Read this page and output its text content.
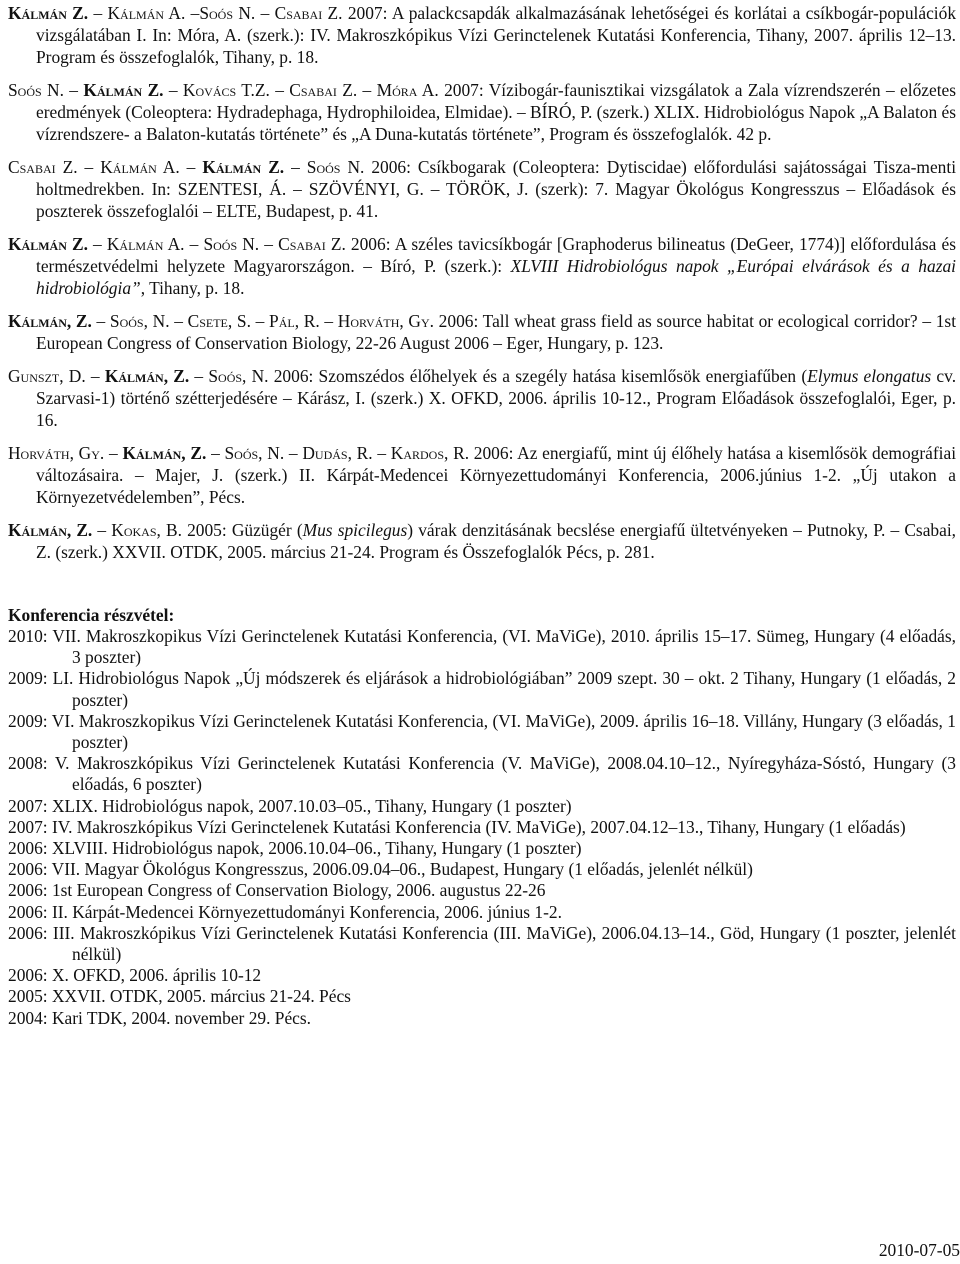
Kálmán Z. – Kálmán A. –Soós N. – Csabai Z. 2007: A palackcsapdák alkalmazásának lehetőségei és korlátai a csíkbogár-populációk vizsgálatában I. In: Móra, A. (szerk.): IV. Makroszkópikus Vízi Gerinctelenek Kutatási Konferencia, Tihany, 2007. április 12–13. Program és összefoglalók, Tihany, p. 18.

Soós N. – Kálmán Z. – Kovács T.Z. – Csabai Z. – Móra A. 2007: Vízibogár-faunisztikai vizsgálatok a Zala vízrendszerén – előzetes eredmények (Coleoptera: Hydradephaga, Hydrophiloidea, Elmidae). – BÍRÓ, P. (szerk.) XLIX. Hidrobiológus Napok „A Balaton és vízrendszere- a Balaton-kutatás története” és „A Duna-kutatás története”, Program és összefoglalók. 42 p.

Csabai Z. – Kálmán A. – Kálmán Z. – Soós N. 2006: Csíkbogarak (Coleoptera: Dytiscidae) előfordulási sajátosságai Tisza-menti holtmedrekben. In: SZENTESI, Á. – SZÖVÉNYI, G. – TÖRÖK, J. (szerk): 7. Magyar Ökológus Kongresszus – Előadások és poszterek összefoglalói – ELTE, Budapest, p. 41.

Kálmán Z. – Kálmán A. – Soós N. – Csabai Z. 2006: A széles tavicsíkbogár [Graphoderus bilineatus (DeGeer, 1774)] előfordulása és természetvédelmi helyzete Magyarországon. – Bíró, P. (szerk.): XLVIII Hidrobiológus napok „Európai elvárások és a hazai hidrobiológia”, Tihany, p. 18.

Kálmán, Z. – Soós, N. – Csete, S. – Pál, R. – Horváth, Gy. 2006: Tall wheat grass field as source habitat or ecological corridor? – 1st European Congress of Conservation Biology, 22-26 August 2006 – Eger, Hungary, p. 123.

Gunszt, D. – Kálmán, Z. – Soós, N. 2006: Szomszédos élőhelyek és a szegély hatása kisemlősök energiafűben (Elymus elongatus cv. Szarvasi-1) történő szétterjedésére – Kárász, I. (szerk.) X. OFKD, 2006. április 10-12., Program Előadások összefoglalói, Eger, p. 16.

Horváth, Gy. – Kálmán, Z. – Soós, N. – Dudás, R. – Kardos, R. 2006: Az energiafű, mint új élőhely hatása a kisemlősök demográfiai változásaira. – Majer, J. (szerk.) II. Kárpát-Medencei Környezettudományi Konferencia, 2006.június 1-2. „Új utakon a Környezetvédelemben”, Pécs.

Kálmán, Z. – Kokas, B. 2005: Güzügér (Mus spicilegus) várak denzitásának becslése energiafű ültetvényeken – Putnoky, P. – Csabai, Z. (szerk.) XXVII. OTDK, 2005. március 21-24. Program és Összefoglalók Pécs, p. 281.

Konferencia részvétel:
2010: VII. Makroszkopikus Vízi Gerinctelenek Kutatási Konferencia, (VI. MaViGe), 2010. április 15–17. Sümeg, Hungary (4 előadás, 3 poszter)
2009: LI. Hidrobiológus Napok „Új módszerek és eljárások a hidrobiológiában” 2009 szept. 30 – okt. 2 Tihany, Hungary (1 előadás, 2 poszter)
2009: VI. Makroszkopikus Vízi Gerinctelenek Kutatási Konferencia, (VI. MaViGe), 2009. április 16–18. Villány, Hungary (3 előadás, 1 poszter)
2008: V. Makroszkópikus Vízi Gerinctelenek Kutatási Konferencia (V. MaViGe), 2008.04.10–12., Nyíregyháza-Sóstó, Hungary (3 előadás, 6 poszter)
2007: XLIX. Hidrobiológus napok, 2007.10.03–05., Tihany, Hungary (1 poszter)
2007: IV. Makroszkópikus Vízi Gerinctelenek Kutatási Konferencia (IV. MaViGe), 2007.04.12–13., Tihany, Hungary (1 előadás)
2006: XLVIII. Hidrobiológus napok, 2006.10.04–06., Tihany, Hungary (1 poszter)
2006: VII. Magyar Ökológus Kongresszus, 2006.09.04–06., Budapest, Hungary (1 előadás, jelenlét nélkül)
2006: 1st European Congress of Conservation Biology, 2006. augustus 22-26
2006: II. Kárpát-Medencei Környezettudományi Konferencia, 2006. június 1-2.
2006: III. Makroszkópikus Vízi Gerinctelenek Kutatási Konferencia (III. MaViGe), 2006.04.13–14., Göd, Hungary (1 poszter, jelenlét nélkül)
2006: X. OFKD, 2006. április 10-12
2005: XXVII. OTDK, 2005. március 21-24. Pécs
2004: Kari TDK, 2004. november 29. Pécs.
2010-07-05
